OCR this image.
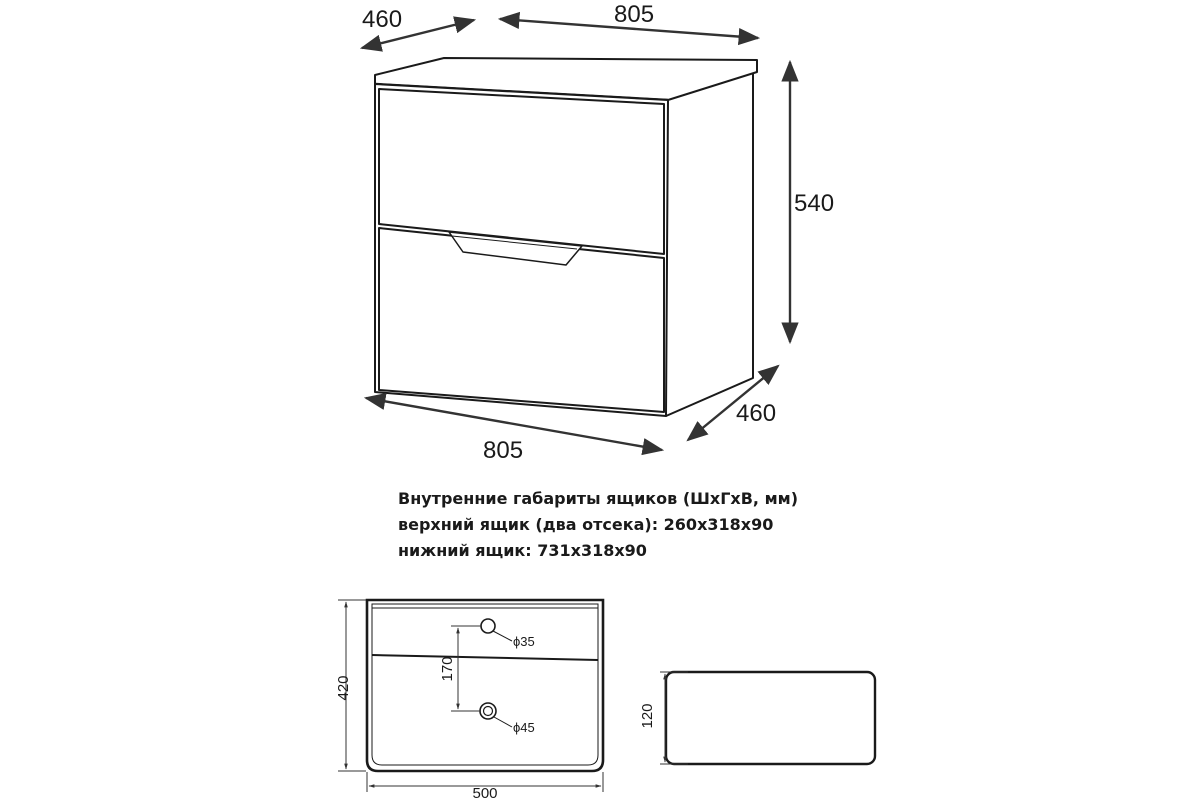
460	805
540
805
460
420
500
170
ϕ35
ϕ45	120
Внутренние габариты ящиков (ШхГхВ, мм)
верхний ящик (два отсека): 260х318х90
нижний ящик: 731х318х90
